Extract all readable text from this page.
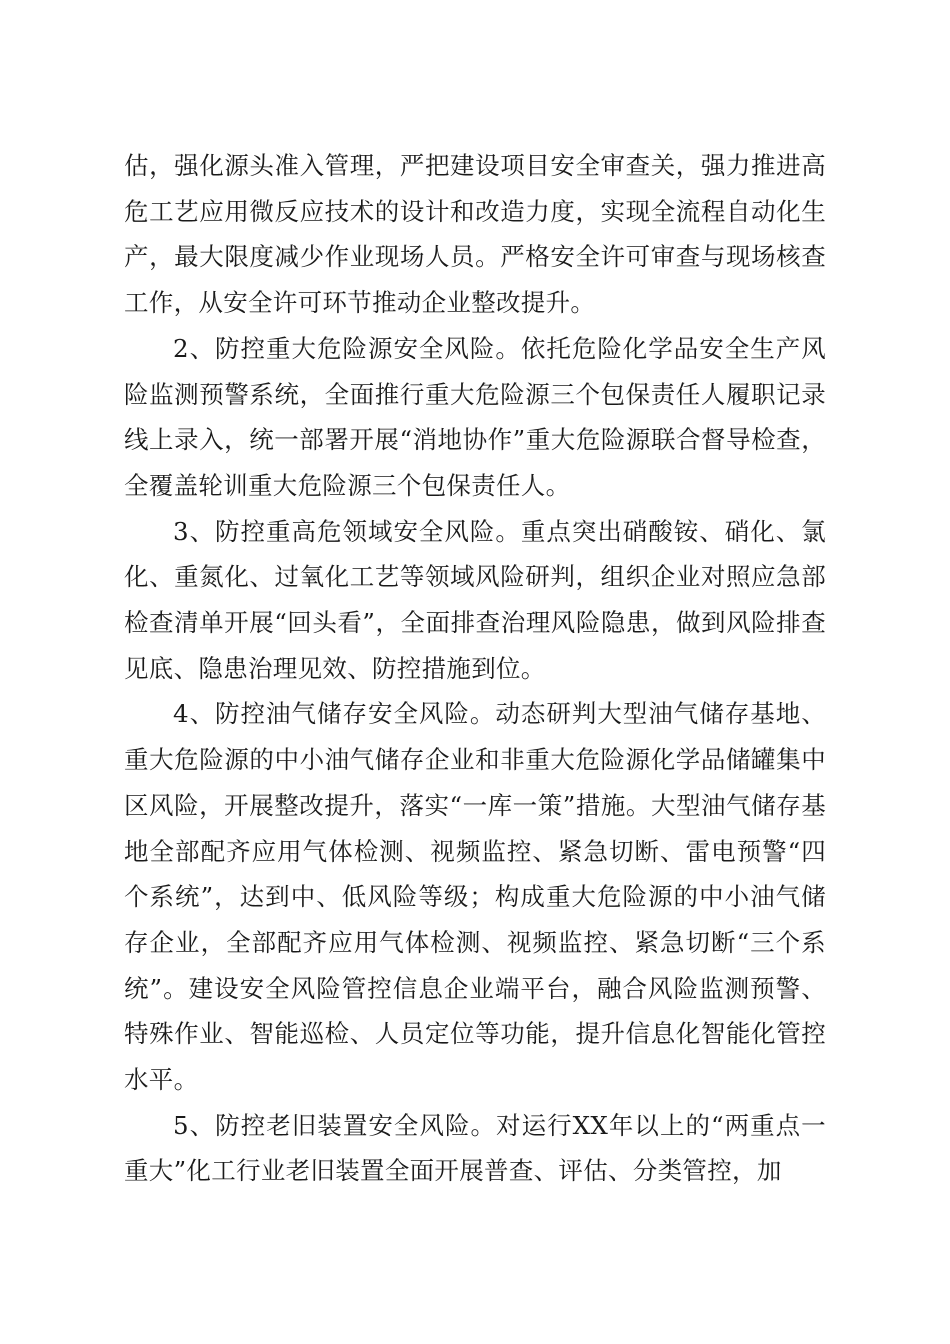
估，强化源头准入管理，严把建设项目安全审查关，强力推进高危工艺应用微反应技术的设计和改造力度，实现全流程自动化生产，最大限度减少作业现场人员。严格安全许可审查与现场核查工作，从安全许可环节推动企业整改提升。

2、防控重大危险源安全风险。依托危险化学品安全生产风险监测预警系统，全面推行重大危险源三个包保责任人履职记录线上录入，统一部署开展“消地协作”重大危险源联合督导检查，全覆盖轮训重大危险源三个包保责任人。

3、防控重高危领域安全风险。重点突出硝酸铵、硝化、氯化、重氮化、过氧化工艺等领域风险研判，组织企业对照应急部检查清单开展“回头看”，全面排查治理风险隐患，做到风险排查见底、隐患治理见效、防控措施到位。

4、防控油气储存安全风险。动态研判大型油气储存基地、重大危险源的中小油气储存企业和非重大危险源化学品储罐集中区风险，开展整改提升，落实“一库一策”措施。大型油气储存基地全部配齐应用气体检测、视频监控、紧急切断、雷电预警“四个系统”，达到中、低风险等级；构成重大危险源的中小油气储存企业，全部配齐应用气体检测、视频监控、紧急切断“三个系统”。建设安全风险管控信息企业端平台，融合风险监测预警、特殊作业、智能巡检、人员定位等功能，提升信息化智能化管控水平。

5、防控老旧装置安全风险。对运行XX年以上的“两重点一重大”化工行业老旧装置全面开展普查、评估、分类管控，加
